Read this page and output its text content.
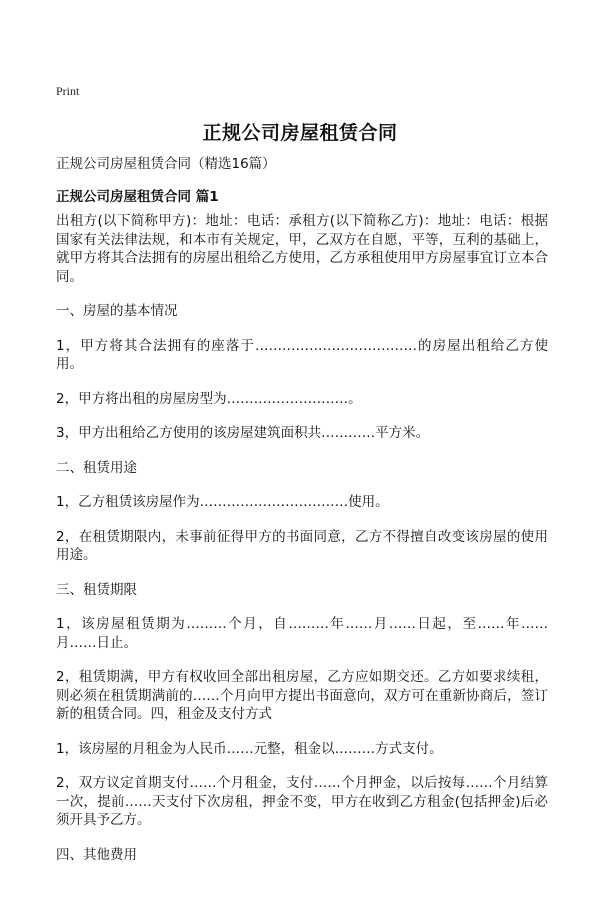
Print
正规公司房屋租赁合同
正规公司房屋租赁合同（精选16篇）
正规公司房屋租赁合同 篇1

出租方(以下简称甲方)：地址：电话：承租方(以下简称乙方)：地址：电话：根据国家有关法律法规，和本市有关规定，甲，乙双方在自愿，平等，互利的基础上，就甲方将其合法拥有的房屋出租给乙方使用，乙方承租使用甲方房屋事宜订立本合同。

一、房屋的基本情况

1，甲方将其合法拥有的座落于………………………………的房屋出租给乙方使用。

2，甲方将出租的房屋房型为………………………。

3，甲方出租给乙方使用的该房屋建筑面积共…………平方米。

二、租赁用途

1，乙方租赁该房屋作为……………………………使用。

2，在租赁期限内，未事前征得甲方的书面同意，乙方不得擅自改变该房屋的使用用途。

三、租赁期限

1，该房屋租赁期为………个月，自………年……月……日起，至……年……月……日止。

2，租赁期满，甲方有权收回全部出租房屋，乙方应如期交还。乙方如要求续租，则必须在租赁期满前的……个月向甲方提出书面意向，双方可在重新协商后，签订新的租赁合同。四，租金及支付方式

1，该房屋的月租金为人民币……元整，租金以………方式支付。

2，双方议定首期支付……个月租金，支付……个月押金，以后按每……个月结算一次，提前……天支付下次房租，押金不变，甲方在收到乙方租金(包括押金)后必须开具予乙方。

四、其他费用
